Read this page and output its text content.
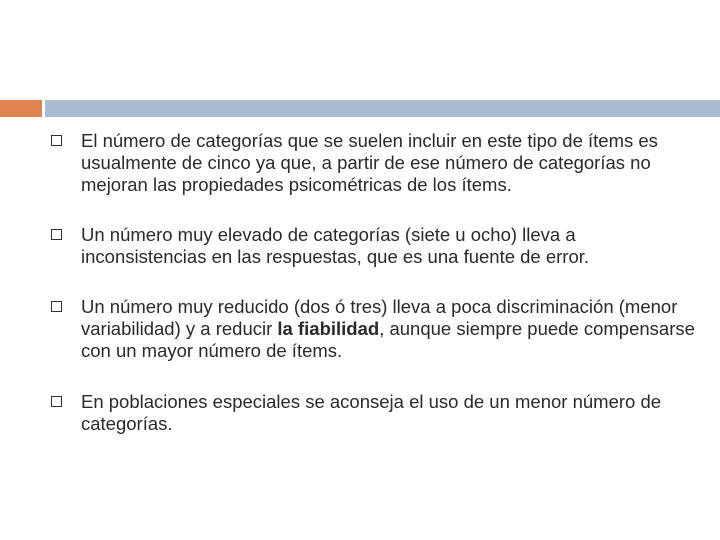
El número de categorías que se suelen incluir en este tipo de ítems es usualmente de cinco ya que, a partir de ese número de categorías no mejoran las propiedades psicométricas de los ítems.
Un número muy elevado de categorías (siete u ocho) lleva a inconsistencias en las respuestas, que es una fuente de error.
Un número muy reducido (dos ó tres) lleva a poca discriminación (menor variabilidad) y a reducir la fiabilidad, aunque siempre puede compensarse con un mayor número de ítems.
En poblaciones especiales se aconseja el uso de un menor número de categorías.
